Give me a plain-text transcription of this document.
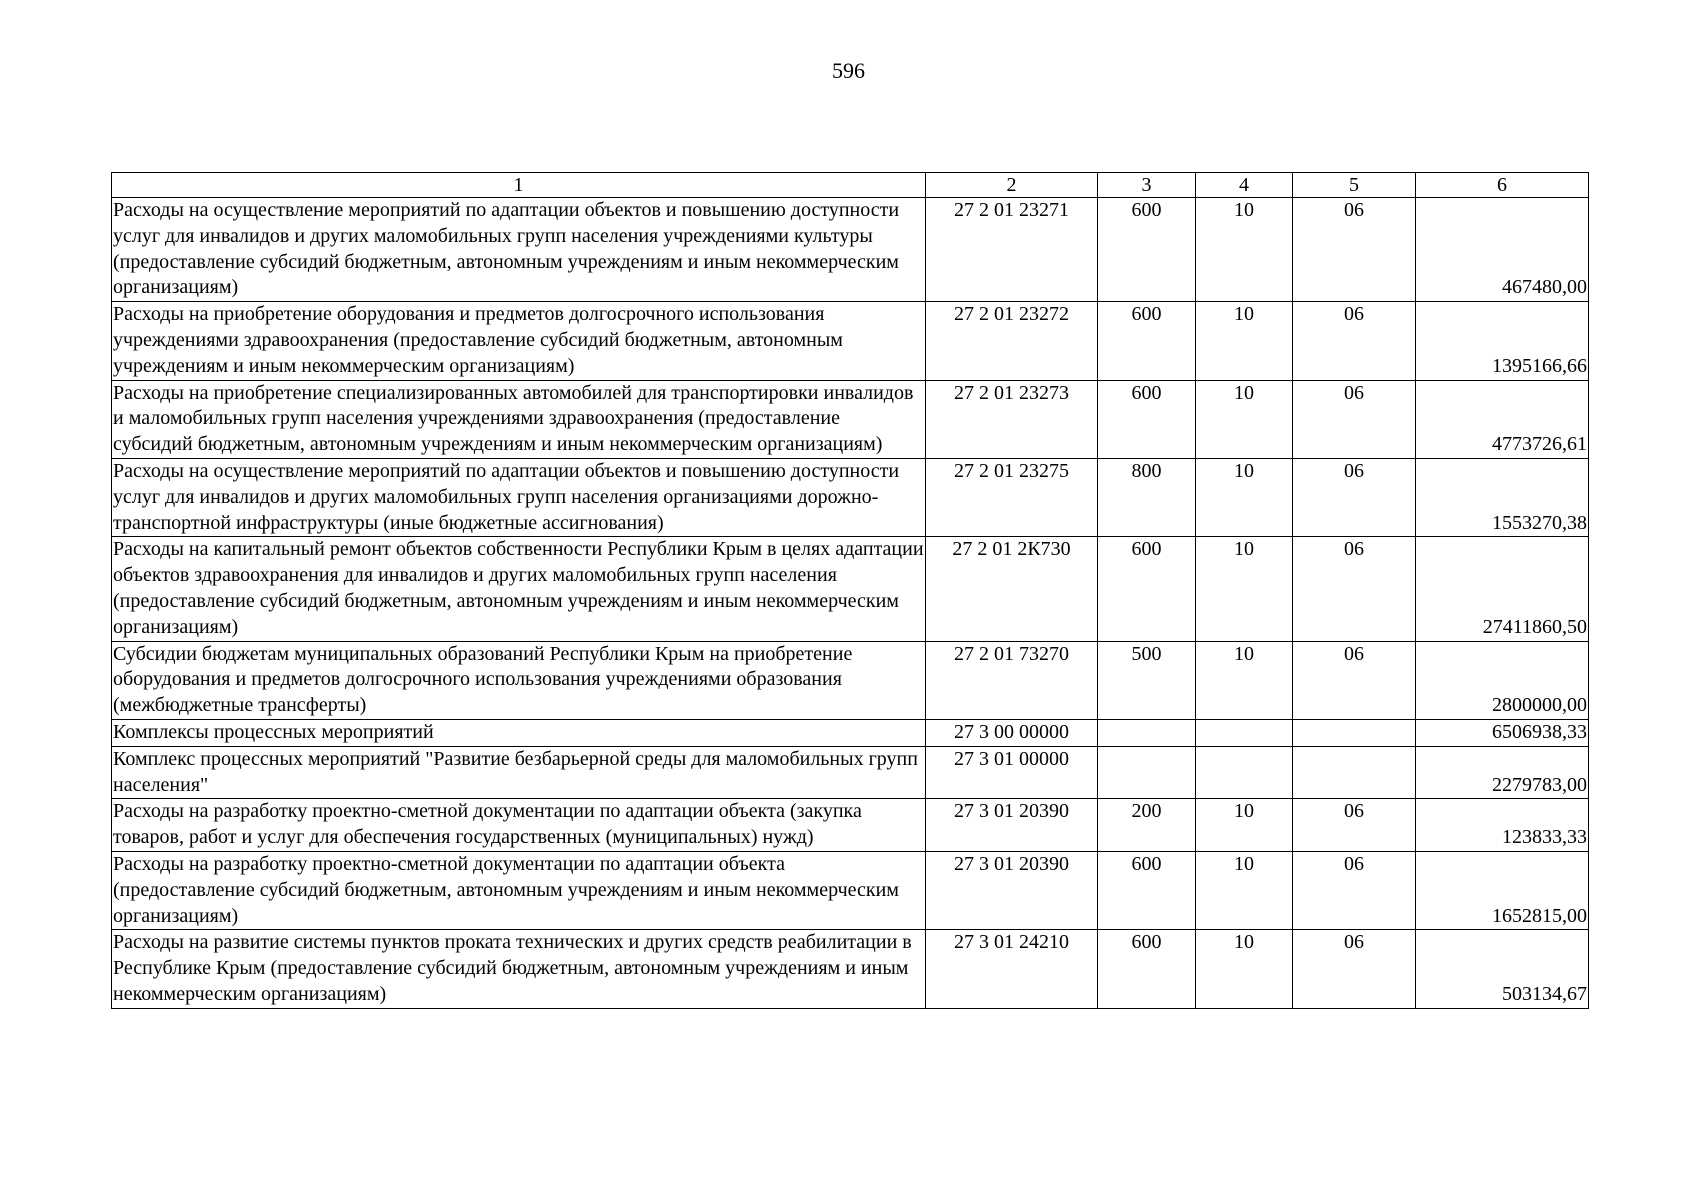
596
1	2	3	4	5	6
Расходы на осуществление мероприятий по адаптации объектов и повышению доступности услуг для инвалидов и других маломобильных групп населения учреждениями культуры (предоставление субсидий бюджетным, автономным учреждениям и иным некоммерческим организациям)	27 2 01 23271	600	10	06	467480,00
Расходы на приобретение оборудования и предметов долгосрочного использования учреждениями здравоохранения (предоставление субсидий бюджетным, автономным учреждениям и иным некоммерческим организациям)	27 2 01 23272	600	10	06	1395166,66
Расходы на приобретение специализированных автомобилей для транспортировки инвалидов и маломобильных групп населения учреждениями здравоохранения (предоставление субсидий бюджетным, автономным учреждениям и иным некоммерческим организациям)	27 2 01 23273	600	10	06	4773726,61
Расходы на осуществление мероприятий по адаптации объектов и повышению доступности услуг для инвалидов и других маломобильных групп населения организациями дорожно-транспортной инфраструктуры (иные бюджетные ассигнования)	27 2 01 23275	800	10	06	1553270,38
Расходы на капитальный ремонт объектов собственности Республики Крым в целях адаптации объектов здравоохранения для инвалидов и других маломобильных групп населения (предоставление субсидий бюджетным, автономным учреждениям и иным некоммерческим организациям)	27 2 01 2К730	600	10	06	27411860,50
Субсидии бюджетам муниципальных образований Республики Крым на приобретение оборудования и предметов долгосрочного использования учреждениями образования (межбюджетные трансферты)	27 2 01 73270	500	10	06	2800000,00
Комплексы процессных мероприятий	27 3 00 00000				6506938,33
Комплекс процессных мероприятий "Развитие безбарьерной среды для маломобильных групп населения"	27 3 01 00000				2279783,00
Расходы на разработку проектно-сметной документации по адаптации объекта (закупка товаров, работ и услуг для обеспечения государственных (муниципальных) нужд)	27 3 01 20390	200	10	06	123833,33
Расходы на разработку проектно-сметной документации по адаптации объекта (предоставление субсидий бюджетным, автономным учреждениям и иным некоммерческим организациям)	27 3 01 20390	600	10	06	1652815,00
Расходы на развитие системы пунктов проката технических и других средств реабилитации в Республике Крым (предоставление субсидий бюджетным, автономным учреждениям и иным некоммерческим организациям)	27 3 01 24210	600	10	06	503134,67
